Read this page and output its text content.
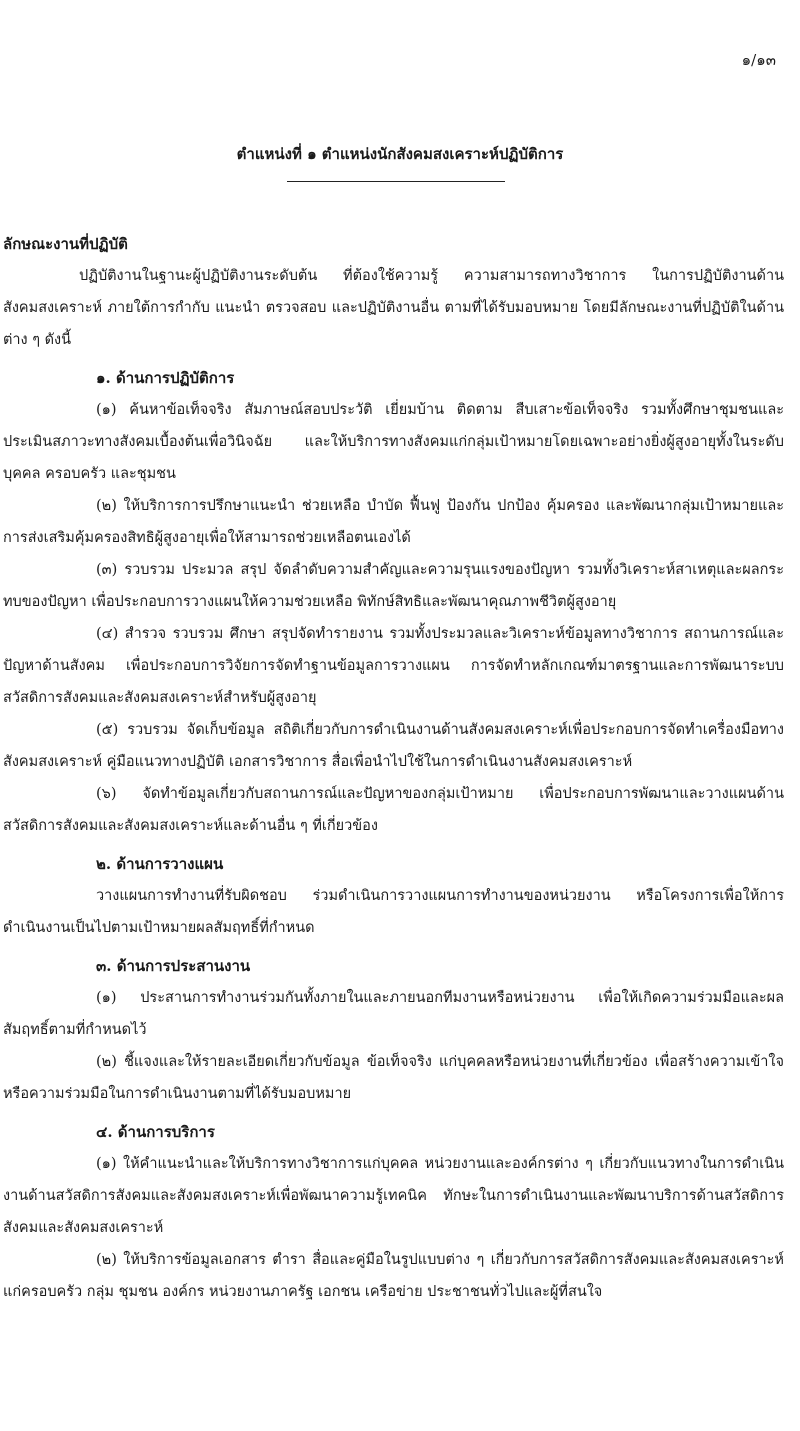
๑/๑๓
ตำแหน่งที่ ๑ ตำแหน่งนักสังคมสงเคราะห์ปฏิบัติการ
ลักษณะงานที่ปฏิบัติ

ปฏิบัติงานในฐานะผู้ปฏิบัติงานระดับต้น ที่ต้องใช้ความรู้ ความสามารถทางวิชาการ ในการปฏิบัติงานด้านสังคมสงเคราะห์ ภายใต้การกำกับ แนะนำ ตรวจสอบ และปฏิบัติงานอื่น ตามที่ได้รับมอบหมาย โดยมีลักษณะงานที่ปฏิบัติในด้านต่าง ๆ ดังนี้

๑. ด้านการปฏิบัติการ

(๑) ค้นหาข้อเท็จจริง สัมภาษณ์สอบประวัติ เยี่ยมบ้าน ติดตาม สืบเสาะข้อเท็จจริง รวมทั้งศึกษาชุมชนและประเมินสภาวะทางสังคมเบื้องต้นเพื่อวินิจฉัย และให้บริการทางสังคมแก่กลุ่มเป้าหมายโดยเฉพาะอย่างยิ่งผู้สูงอายุทั้งในระดับบุคคล ครอบครัว และชุมชน

(๒) ให้บริการการปรึกษาแนะนำ ช่วยเหลือ บำบัด ฟื้นฟู ป้องกัน ปกป้อง คุ้มครอง และพัฒนากลุ่มเป้าหมายและการส่งเสริมคุ้มครองสิทธิผู้สูงอายุเพื่อให้สามารถช่วยเหลือตนเองได้

(๓) รวบรวม ประมวล สรุป จัดลำดับความสำคัญและความรุนแรงของปัญหา รวมทั้งวิเคราะห์สาเหตุและผลกระทบของปัญหา เพื่อประกอบการวางแผนให้ความช่วยเหลือ พิทักษ์สิทธิและพัฒนาคุณภาพชีวิตผู้สูงอายุ

(๔) สำรวจ รวบรวม ศึกษา สรุปจัดทำรายงาน รวมทั้งประมวลและวิเคราะห์ข้อมูลทางวิชาการ สถานการณ์และปัญหาด้านสังคม เพื่อประกอบการวิจัยการจัดทำฐานข้อมูลการวางแผน การจัดทำหลักเกณฑ์มาตรฐานและการพัฒนาระบบสวัสดิการสังคมและสังคมสงเคราะห์สำหรับผู้สูงอายุ

(๕) รวบรวม จัดเก็บข้อมูล สถิติเกี่ยวกับการดำเนินงานด้านสังคมสงเคราะห์เพื่อประกอบการจัดทำเครื่องมือทางสังคมสงเคราะห์ คู่มือแนวทางปฏิบัติ เอกสารวิชาการ สื่อเพื่อนำไปใช้ในการดำเนินงานสังคมสงเคราะห์

(๖) จัดทำข้อมูลเกี่ยวกับสถานการณ์และปัญหาของกลุ่มเป้าหมาย เพื่อประกอบการพัฒนาและวางแผนด้านสวัสดิการสังคมและสังคมสงเคราะห์และด้านอื่น ๆ ที่เกี่ยวข้อง

๒. ด้านการวางแผน

วางแผนการทำงานที่รับผิดชอบ ร่วมดำเนินการวางแผนการทำงานของหน่วยงาน หรือโครงการเพื่อให้การดำเนินงานเป็นไปตามเป้าหมายผลสัมฤทธิ์ที่กำหนด

๓. ด้านการประสานงาน

(๑) ประสานการทำงานร่วมกันทั้งภายในและภายนอกทีมงานหรือหน่วยงาน เพื่อให้เกิดความร่วมมือและผลสัมฤทธิ์ตามที่กำหนดไว้

(๒) ชี้แจงและให้รายละเอียดเกี่ยวกับข้อมูล ข้อเท็จจริง แก่บุคคลหรือหน่วยงานที่เกี่ยวข้อง เพื่อสร้างความเข้าใจหรือความร่วมมือในการดำเนินงานตามที่ได้รับมอบหมาย

๔. ด้านการบริการ

(๑) ให้คำแนะนำและให้บริการทางวิชาการแก่บุคคล หน่วยงานและองค์กรต่าง ๆ เกี่ยวกับแนวทางในการดำเนินงานด้านสวัสดิการสังคมและสังคมสงเคราะห์เพื่อพัฒนาความรู้เทคนิค ทักษะในการดำเนินงานและพัฒนาบริการด้านสวัสดิการสังคมและสังคมสงเคราะห์

(๒) ให้บริการข้อมูลเอกสาร ตำรา สื่อและคู่มือในรูปแบบต่าง ๆ เกี่ยวกับการสวัสดิการสังคมและสังคมสงเคราะห์แก่ครอบครัว กลุ่ม ชุมชน องค์กร หน่วยงานภาครัฐ เอกชน เครือข่าย ประชาชนทั่วไปและผู้ที่สนใจ
